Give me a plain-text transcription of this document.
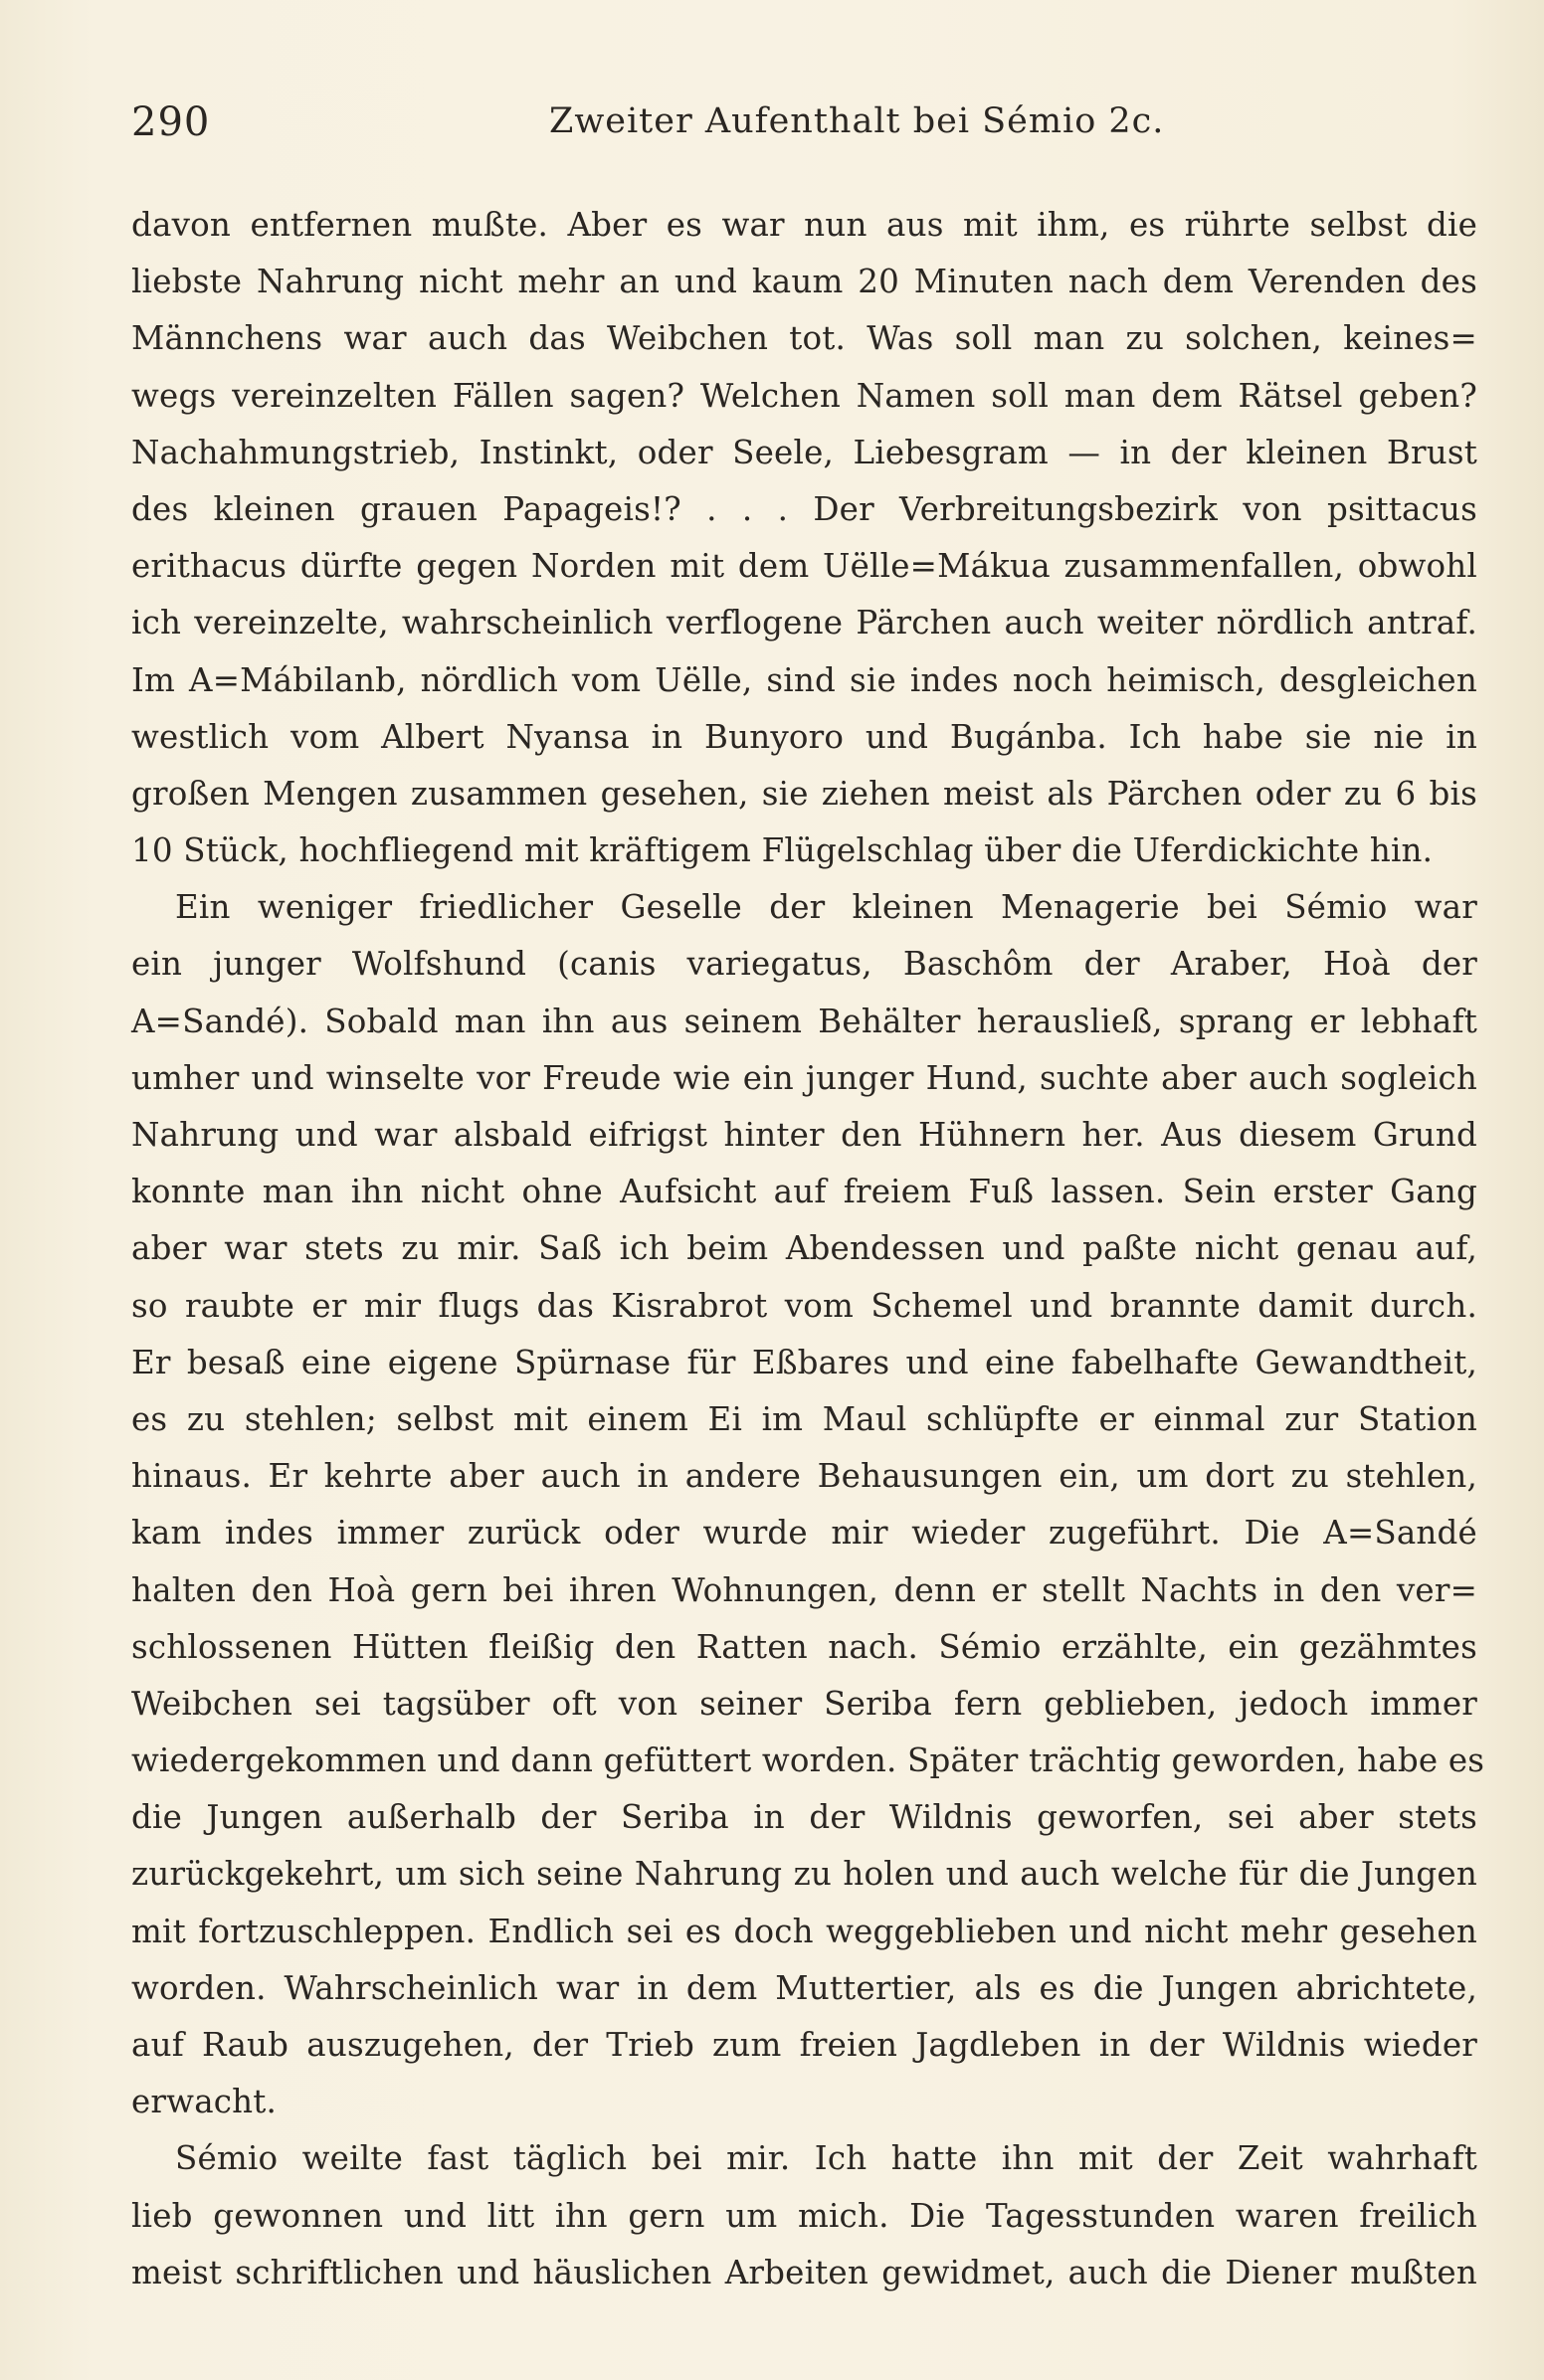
290	Zweiter Aufenthalt bei Sémio 2c.
davon entfernen mußte. Aber es war nun aus mit ihm, es rührte selbst die
liebste Nahrung nicht mehr an und kaum 20 Minuten nach dem Verenden des
Männchens war auch das Weibchen tot. Was soll man zu solchen, keines=
wegs vereinzelten Fällen sagen? Welchen Namen soll man dem Rätsel geben?
Nachahmungstrieb, Instinkt, oder Seele, Liebesgram — in der kleinen Brust
des kleinen grauen Papageis!? . . . Der Verbreitungsbezirk von psittacus
erithacus dürfte gegen Norden mit dem Uëlle=Mákua zusammenfallen, obwohl
ich vereinzelte, wahrscheinlich verflogene Pärchen auch weiter nördlich antraf.
Im A=Mábilanb, nördlich vom Uëlle, sind sie indes noch heimisch, desgleichen
westlich vom Albert Nyansa in Bunyoro und Bugánba. Ich habe sie nie in
großen Mengen zusammen gesehen, sie ziehen meist als Pärchen oder zu 6 bis
10 Stück, hochfliegend mit kräftigem Flügelschlag über die Uferdickichte hin.
Ein weniger friedlicher Geselle der kleinen Menagerie bei Sémio war
ein junger Wolfshund (canis variegatus, Baschôm der Araber, Hoà der
A=Sandé). Sobald man ihn aus seinem Behälter herausließ, sprang er lebhaft
umher und winselte vor Freude wie ein junger Hund, suchte aber auch sogleich
Nahrung und war alsbald eifrigst hinter den Hühnern her. Aus diesem Grund
konnte man ihn nicht ohne Aufsicht auf freiem Fuß lassen. Sein erster Gang
aber war stets zu mir. Saß ich beim Abendessen und paßte nicht genau auf,
so raubte er mir flugs das Kisrabrot vom Schemel und brannte damit durch.
Er besaß eine eigene Spürnase für Eßbares und eine fabelhafte Gewandtheit,
es zu stehlen; selbst mit einem Ei im Maul schlüpfte er einmal zur Station
hinaus. Er kehrte aber auch in andere Behausungen ein, um dort zu stehlen,
kam indes immer zurück oder wurde mir wieder zugeführt. Die A=Sandé
halten den Hoà gern bei ihren Wohnungen, denn er stellt Nachts in den ver=
schlossenen Hütten fleißig den Ratten nach. Sémio erzählte, ein gezähmtes
Weibchen sei tagsüber oft von seiner Seriba fern geblieben, jedoch immer
wiedergekommen und dann gefüttert worden. Später trächtig geworden, habe es
die Jungen außerhalb der Seriba in der Wildnis geworfen, sei aber stets
zurückgekehrt, um sich seine Nahrung zu holen und auch welche für die Jungen
mit fortzuschleppen. Endlich sei es doch weggeblieben und nicht mehr gesehen
worden. Wahrscheinlich war in dem Muttertier, als es die Jungen abrichtete,
auf Raub auszugehen, der Trieb zum freien Jagdleben in der Wildnis wieder
erwacht.
Sémio weilte fast täglich bei mir. Ich hatte ihn mit der Zeit wahrhaft
lieb gewonnen und litt ihn gern um mich. Die Tagesstunden waren freilich
meist schriftlichen und häuslichen Arbeiten gewidmet, auch die Diener mußten
